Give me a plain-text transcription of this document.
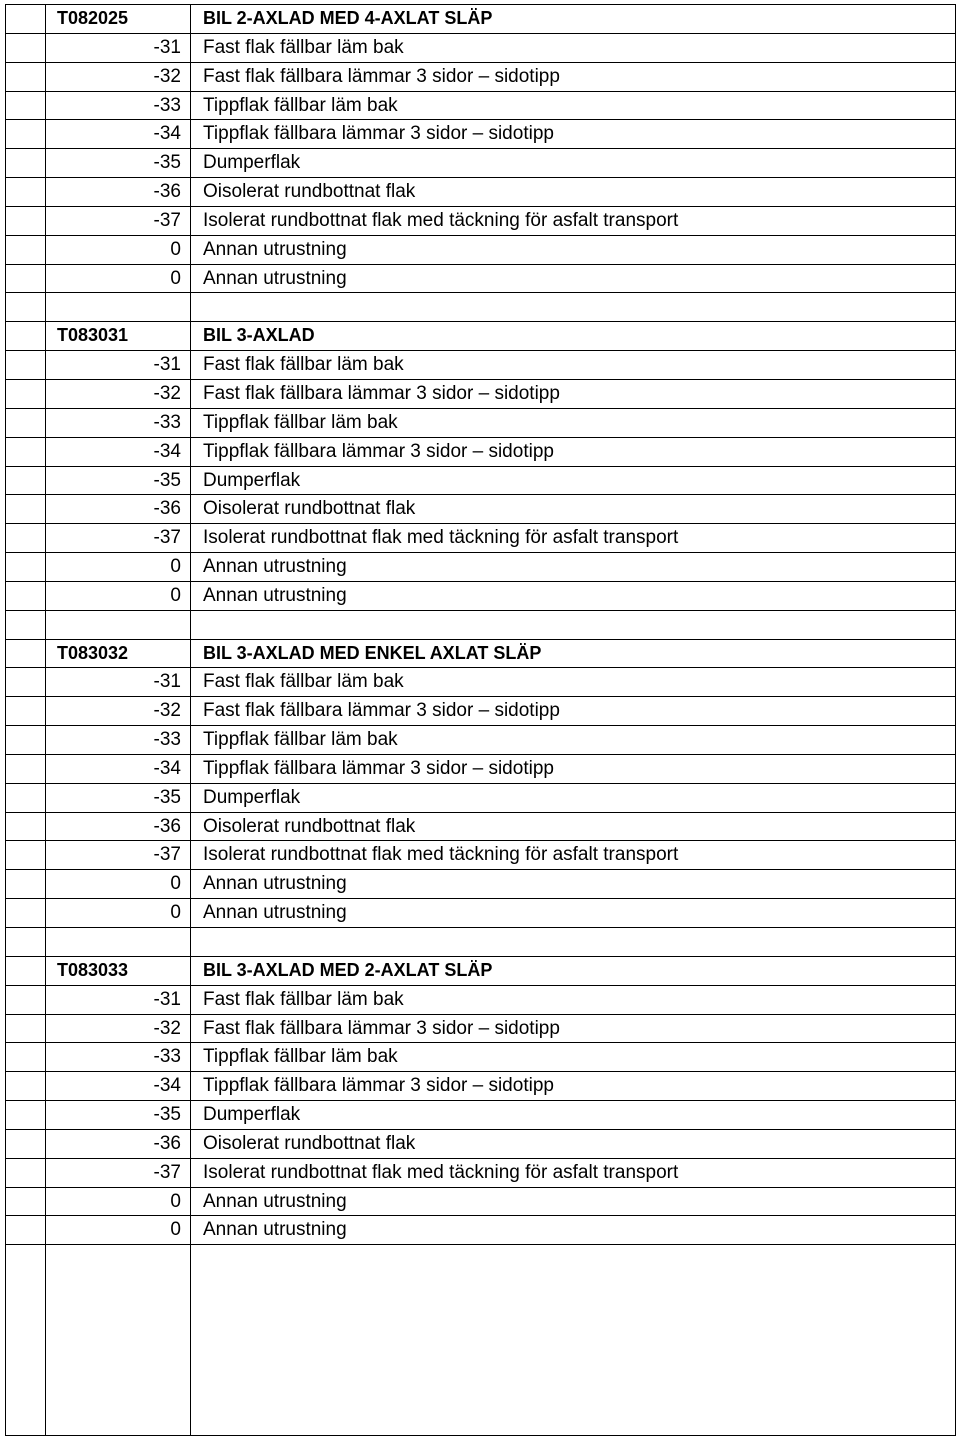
T082025	BIL 2-AXLAD MED 4-AXLAT SLÄP
-31	Fast flak fällbar läm bak
-32	Fast flak fällbara lämmar 3 sidor – sidotipp
-33	Tippflak fällbar läm bak
-34	Tippflak fällbara lämmar 3 sidor – sidotipp
-35	Dumperflak
-36	Oisolerat rundbottnat flak
-37	Isolerat rundbottnat flak med täckning för asfalt transport
0	Annan utrustning
0	Annan utrustning
T083031	BIL 3-AXLAD
-31	Fast flak fällbar läm bak
-32	Fast flak fällbara lämmar 3 sidor – sidotipp
-33	Tippflak fällbar läm bak
-34	Tippflak fällbara lämmar 3 sidor – sidotipp
-35	Dumperflak
-36	Oisolerat rundbottnat flak
-37	Isolerat rundbottnat flak med täckning för asfalt transport
0	Annan utrustning
0	Annan utrustning
T083032	BIL 3-AXLAD MED ENKEL AXLAT SLÄP
-31	Fast flak fällbar läm bak
-32	Fast flak fällbara lämmar 3 sidor – sidotipp
-33	Tippflak fällbar läm bak
-34	Tippflak fällbara lämmar 3 sidor – sidotipp
-35	Dumperflak
-36	Oisolerat rundbottnat flak
-37	Isolerat rundbottnat flak med täckning för asfalt transport
0	Annan utrustning
0	Annan utrustning
T083033	BIL 3-AXLAD MED 2-AXLAT SLÄP
-31	Fast flak fällbar läm bak
-32	Fast flak fällbara lämmar 3 sidor – sidotipp
-33	Tippflak fällbar läm bak
-34	Tippflak fällbara lämmar 3 sidor – sidotipp
-35	Dumperflak
-36	Oisolerat rundbottnat flak
-37	Isolerat rundbottnat flak med täckning för asfalt transport
0	Annan utrustning
0	Annan utrustning
